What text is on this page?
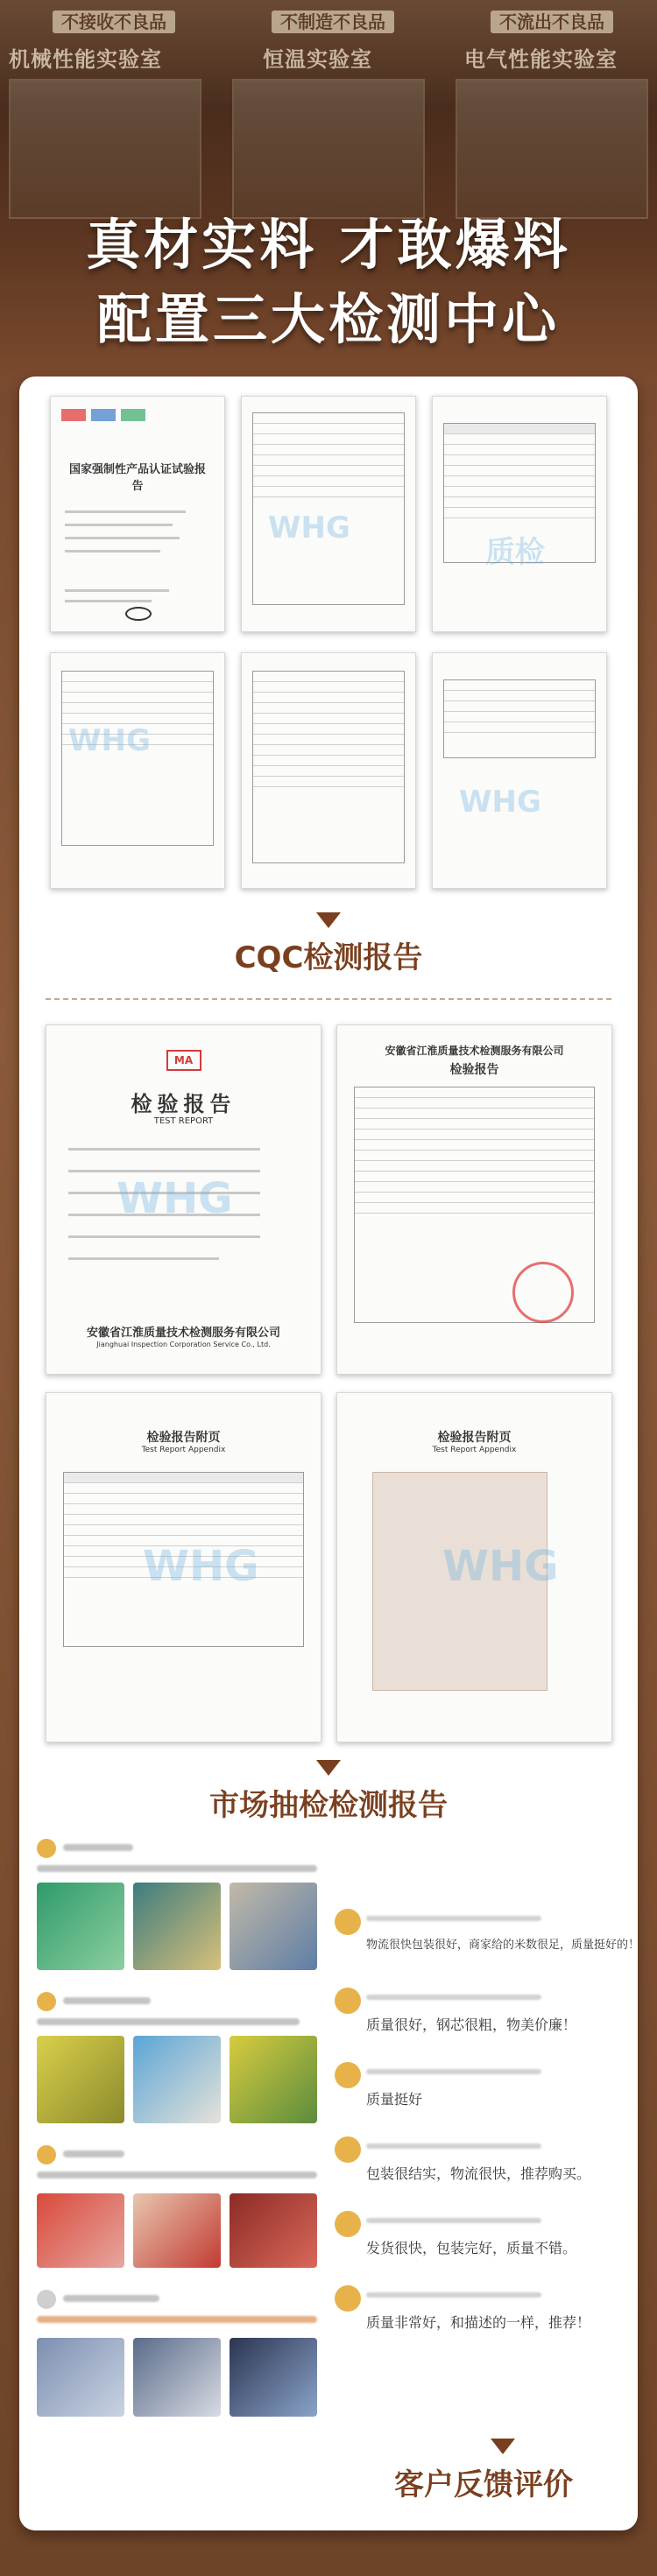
不接收不良品	不制造不良品	不流出不良品
机械性能实验室	恒温实验室	电气性能实验室
真材实料 才敢爆料
配置三大检测中心
国家强制性产品认证试验报告
WHG
质检
WHG
WHG
CQC检测报告
MA
检验报告
TEST REPORT
WHG
安徽省江淮质量技术检测服务有限公司
Jianghuai Inspection Corporation Service Co., Ltd.
安徽省江淮质量技术检测服务有限公司
检验报告
检验报告附页
Test Report Appendix
WHG
检验报告附页
Test Report Appendix
WHG
市场抽检检测报告
物流很快包装很好，商家给的米数很足，质量挺好的！
质量很好，钢芯很粗，物美价廉！
质量挺好
包装很结实，物流很快，推荐购买。
发货很快，包装完好，质量不错。
质量非常好，和描述的一样，推荐！
客户反馈评价
